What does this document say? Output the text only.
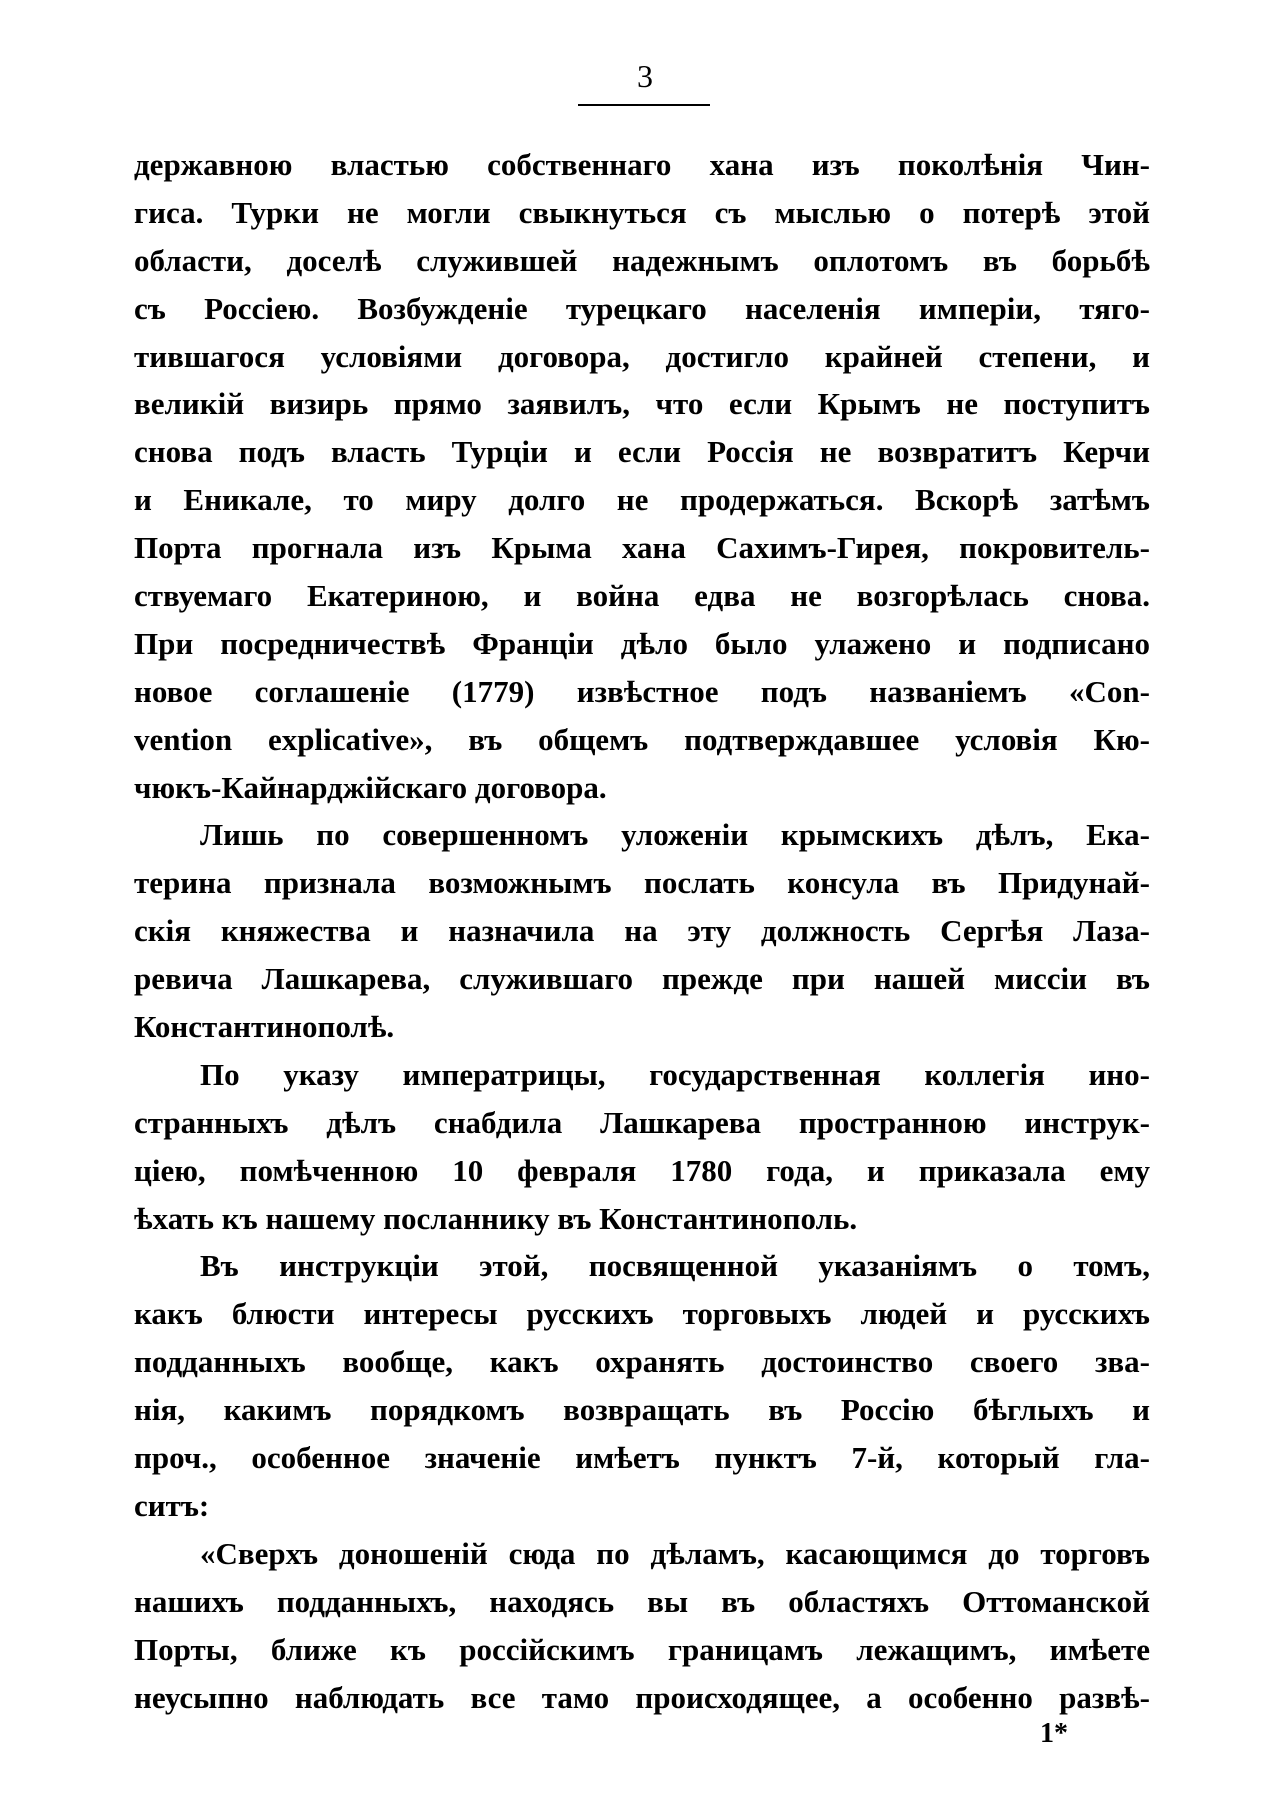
3
державною властью собственнаго хана изъ поколѣнія Чин-
гиса. Турки не могли свыкнуться съ мыслью о потерѣ этой
области, доселѣ служившей надежнымъ оплотомъ въ борьбѣ
съ Россіею. Возбужденіе турецкаго населенія имперіи, тяго-
тившагося условіями договора, достигло крайней степени, и
великій визирь прямо заявилъ, что если Крымъ не поступитъ
снова подъ власть Турціи и если Россія не возвратитъ Керчи
и Еникале, то миру долго не продержаться. Вскорѣ затѣмъ
Порта прогнала изъ Крыма хана Сахимъ-Гирея, покровитель-
ствуемаго Екатериною, и война едва не возгорѣлась снова.
При посредничествѣ Франціи дѣло было улажено и подписано
новое соглашеніе (1779) извѣстное подъ названіемъ «Con-
vention explicative», въ общемъ подтверждавшее условія Кю-
чюкъ-Кайнарджійскаго договора.
Лишь по совершенномъ уложеніи крымскихъ дѣлъ, Ека-
терина признала возможнымъ послать консула въ Придунай-
скія княжества и назначила на эту должность Сергѣя Лаза-
ревича Лашкарева, служившаго прежде при нашей миссіи въ
Константинополѣ.
По указу императрицы, государственная коллегія ино-
странныхъ дѣлъ снабдила Лашкарева пространною инструк-
ціею, помѣченною 10 февраля 1780 года, и приказала ему
ѣхать къ нашему посланнику въ Константинополь.
Въ инструкціи этой, посвященной указаніямъ о томъ,
какъ блюсти интересы русскихъ торговыхъ людей и русскихъ
подданныхъ вообще, какъ охранять достоинство своего зва-
нія, какимъ порядкомъ возвращать въ Россію бѣглыхъ и
проч., особенное значеніе имѣетъ пунктъ 7-й, который гла-
ситъ:
«Сверхъ доношеній сюда по дѣламъ, касающимся до торговъ
нашихъ подданныхъ, находясь вы въ областяхъ Оттоманской
Порты, ближе къ россійскимъ границамъ лежащимъ, имѣете
неусыпно наблюдать все тамо происходящее, а особенно развѣ-
1*
